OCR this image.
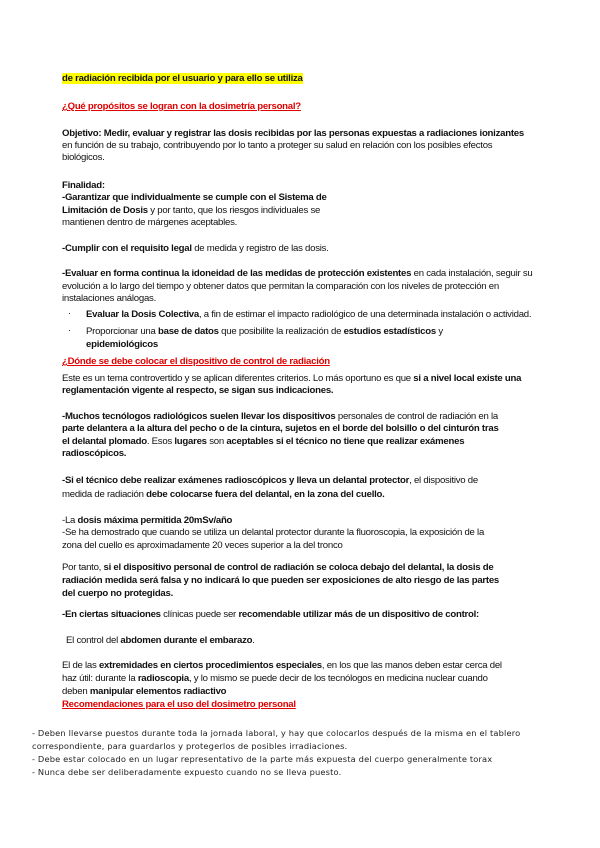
de radiación recibida por el usuario y para ello se utiliza
¿Qué propósitos se logran con la dosimetría personal?
Objetivo: Medir, evaluar y registrar las dosis recibidas por las personas expuestas a radiaciones ionizantes
en función de su trabajo, contribuyendo por lo tanto a proteger su salud en relación con los posibles efectos
biológicos.
Finalidad:
-Garantizar que individualmente se cumple con el Sistema de
Limitación de Dosis y por tanto, que los riesgos individuales se
mantienen dentro de márgenes aceptables.
-Cumplir con el requisito legal de medida y registro de las dosis.
-Evaluar en forma continua la idoneidad de las medidas de protección existentes en cada instalación, seguir su
evolución a lo largo del tiempo y obtener datos que permitan la comparación con los niveles de protección en
instalaciones análogas.
· Evaluar la Dosis Colectiva, a fin de estimar el impacto radiológico de una determinada instalación o actividad.
· Proporcionar una base de datos que posibilite la realización de estudios estadísticos y
epidemiológicos
¿Dónde se debe colocar el dispositivo de control de radiación
Este es un tema controvertido y se aplican diferentes criterios. Lo más oportuno es que si a nivel local existe una
reglamentación vigente al respecto, se sigan sus indicaciones.
-Muchos tecnólogos radiológicos suelen llevar los dispositivos personales de control de radiación en la
parte delantera a la altura del pecho o de la cintura, sujetos en el borde del bolsillo o del cinturón tras
el delantal plomado. Esos lugares son aceptables si el técnico no tiene que realizar exámenes
radioscópicos.
-Si el técnico debe realizar exámenes radioscópicos y lleva un delantal protector, el dispositivo de
medida de radiación debe colocarse fuera del delantal, en la zona del cuello.
-La dosis máxima permitida 20mSv/año
-Se ha demostrado que cuando se utiliza un delantal protector durante la fluoroscopia, la exposición de la
zona del cuello es aproximadamente 20 veces superior a la del tronco
Por tanto, si el dispositivo personal de control de radiación se coloca debajo del delantal, la dosis de
radiación medida será falsa y no indicará lo que pueden ser exposiciones de alto riesgo de las partes
del cuerpo no protegidas.
-En ciertas situaciones clínicas puede ser recomendable utilizar más de un dispositivo de control:
El control del abdomen durante el embarazo.
El de las extremidades en ciertos procedimientos especiales, en los que las manos deben estar cerca del
haz útil: durante la radioscopia, y lo mismo se puede decir de los tecnólogos en medicina nuclear cuando
deben manipular elementos radiactivo
Recomendaciones para el uso del dosimetro personal
- Deben llevarse puestos durante toda la jornada laboral, y hay que colocarlos después de la misma en el tablero
correspondiente, para guardarlos y protegerlos de posibles irradiaciones.
- Debe estar colocado en un lugar representativo de la parte más expuesta del cuerpo generalmente torax
- Nunca debe ser deliberadamente expuesto cuando no se lleva puesto.
